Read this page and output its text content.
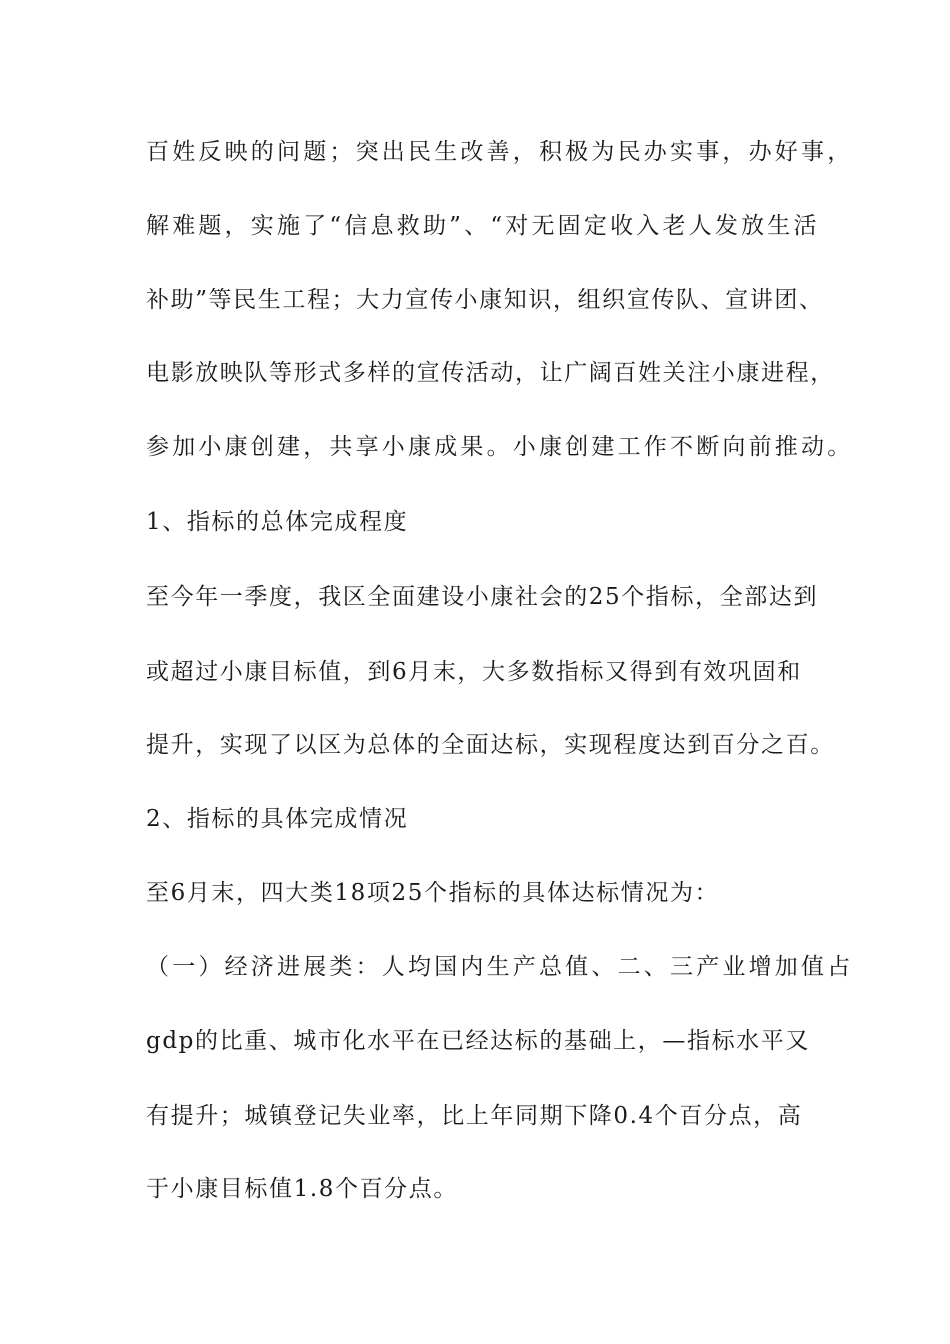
百姓反映的问题；突出民生改善，积极为民办实事，办好事，
解难题，实施了“信息救助”、“对无固定收入老人发放生活
补助”等民生工程；大力宣传小康知识，组织宣传队、宣讲团、
电影放映队等形式多样的宣传活动，让广阔百姓关注小康进程，
参加小康创建，共享小康成果。小康创建工作不断向前推动。
1、指标的总体完成程度
至今年一季度，我区全面建设小康社会的25个指标，全部达到
或超过小康目标值，到6月末，大多数指标又得到有效巩固和
提升，实现了以区为总体的全面达标，实现程度达到百分之百。
2、指标的具体完成情况
至6月末，四大类18项25个指标的具体达标情况为：
（一）经济进展类：人均国内生产总值、二、三产业增加值占
gdp的比重、城市化水平在已经达标的基础上，—指标水平又
有提升；城镇登记失业率，比上年同期下降0.4个百分点，高
于小康目标值1.8个百分点。
